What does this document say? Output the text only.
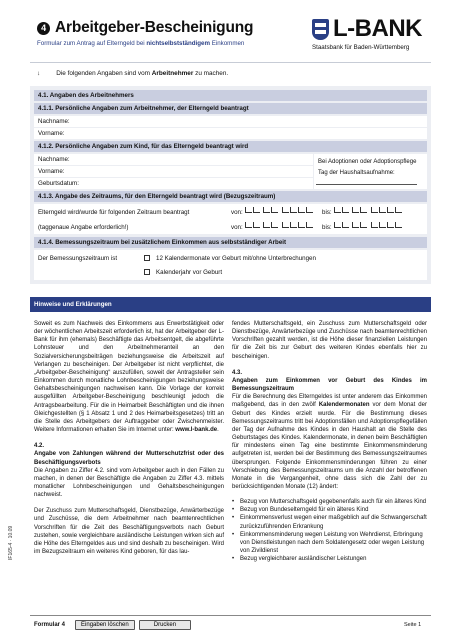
4 Arbeitgeber-Bescheinigung
Formular zum Antrag auf Elterngeld bei nichtselbstständigem Einkommen
L-BANK
Staatsbank für Baden-Württemberg
↓	Die folgenden Angaben sind vom Arbeitnehmer zu machen.
4.1. Angaben des Arbeitnehmers
4.1.1. Persönliche Angaben zum Arbeitnehmer, der Elterngeld beantragt
Nachname:
Vorname:
4.1.2. Persönliche Angaben zum Kind, für das Elterngeld beantragt wird
Nachname:
Vorname:
Geburtsdatum:
Bei Adoptionen oder Adoptionspflege
Tag der Haushaltsaufnahme:
4.1.3. Angabe des Zeitraums, für den Elterngeld beantragt wird (Bezugszeitraum)
Elterngeld wird/wurde für folgenden Zeitraum beantragt	von:

	bis:

(taggenaue Angabe erforderlich!)	von:

	bis:

4.1.4. Bemessungszeitraum bei zusätzlichem Einkommen aus selbstständiger Arbeit
Der Bemessungszeitraum ist	12 Kalendermonate vor Geburt mit/ohne Unterbrechungen
Kalenderjahr vor Geburt
Hinweise und Erklärungen

Soweit es zum Nachweis des Einkommens aus Erwerbstätigkeit oder der wöchentlichen Arbeitszeit erforderlich ist, hat der Arbeitgeber der L-Bank für ihm (ehemals) Beschäftigte das Arbeitsentgelt, die abgeführte Lohnsteuer und den Arbeitnehmeranteil an den Sozialversicherungsbeiträgen beziehungsweise die Arbeitszeit auf Verlangen zu bescheinigen. Der Arbeitgeber ist nicht verpflichtet, die „Arbeitgeber-Bescheinigung“ auszufüllen, soweit der Antragsteller sein Einkommen durch monatliche Lohnbescheinigungen beziehungsweise Gehaltsbescheinigungen nachweisen kann. Die Vorlage der korrekt ausgefüllten Arbeitgeber-Bescheinigung beschleunigt jedoch die Antragsbearbeitung. Für die in Heimarbeit Beschäftigten und die ihnen Gleichgestellten (§ 1 Absatz 1 und 2 des Heimarbeitsgesetzes) tritt an die Stelle des Arbeitgebers der Auftraggeber oder Zwischenmeister. Weitere Informationen erhalten Sie im Internet unter: www.l-bank.de.

4.2.

Angabe von Zahlungen während der Mutterschutzfrist oder des Beschäftigungsverbots

Die Angaben zu Ziffer 4.2. sind vom Arbeitgeber auch in den Fällen zu machen, in denen der Beschäftigte die Angaben zu Ziffer 4.3. mittels monatlicher Lohnbescheinigungen und Gehaltsbescheinigungen nachweist.

Der Zuschuss zum Mutterschaftsgeld, Dienstbezüge, Anwärterbezüge und Zuschüsse, die dem Arbeitnehmer nach beamtenrechtlichen Vorschriften für die Zeit des Beschäftigungsverbots nach Geburt zustehen, sowie vergleichbare ausländische Leistungen wirken sich auf die Höhe des Elterngeldes aus und sind deshalb zu bescheinigen. Wird im Bezugszeitraum ein weiteres Kind geboren, für das lau-

fendes Mutterschaftsgeld, ein Zuschuss zum Mutterschaftsgeld oder Dienstbezüge, Anwärterbezüge und Zuschüsse nach beamtenrechtlichen Vorschriften gezahlt werden, ist die Höhe dieser finanziellen Leistungen für die Zeit bis zur Geburt des weiteren Kindes ebenfalls hier zu bescheinigen.

4.3.

Angaben zum Einkommen vor Geburt des Kindes im Bemessungszeitraum

Für die Berechnung des Elterngeldes ist unter anderem das Einkommen maßgebend, das in den zwölf Kalendermonaten vor dem Monat der Geburt des Kindes erzielt wurde. Für die Bestimmung dieses Bemessungszeitraums tritt bei Adoptionsfällen und Adoptionspflegefällen der Tag der Aufnahme des Kindes in den Haushalt an die Stelle des Geburtstages des Kindes. Kalendermonate, in denen beim Beschäftigten für mindestens einen Tag eine bestimmte Einkommensminderung aufgetreten ist, werden bei der Bestimmung des Bemessungszeitraumes übersprungen. Folgende Einkommensminderungen führen zu einer Verschiebung des Bemessungszeitraums um die Anzahl der betroffenen Monate in die Vergangenheit, ohne dass sich die Zahl der zu berücksichtigenden Monate (12) ändert:

• Bezug von Mutterschaftsgeld gegebenenfalls auch für ein älteres Kind
• Bezug von Bundeselterngeld für ein älteres Kind
• Einkommensverlust wegen einer maßgeblich auf die Schwangerschaft zurückzuführenden Erkrankung
• Einkommensminderung wegen Leistung von Wehrdienst, Erbringung von Dienstleistungen nach dem Soldatengesetz oder wegen Leistung von Zivildienst
• Bezug vergleichbarer ausländischer Leistungen
IF165-4 · 10.09
Formular 4	Eingaben löschen	Drucken	Seite 1
